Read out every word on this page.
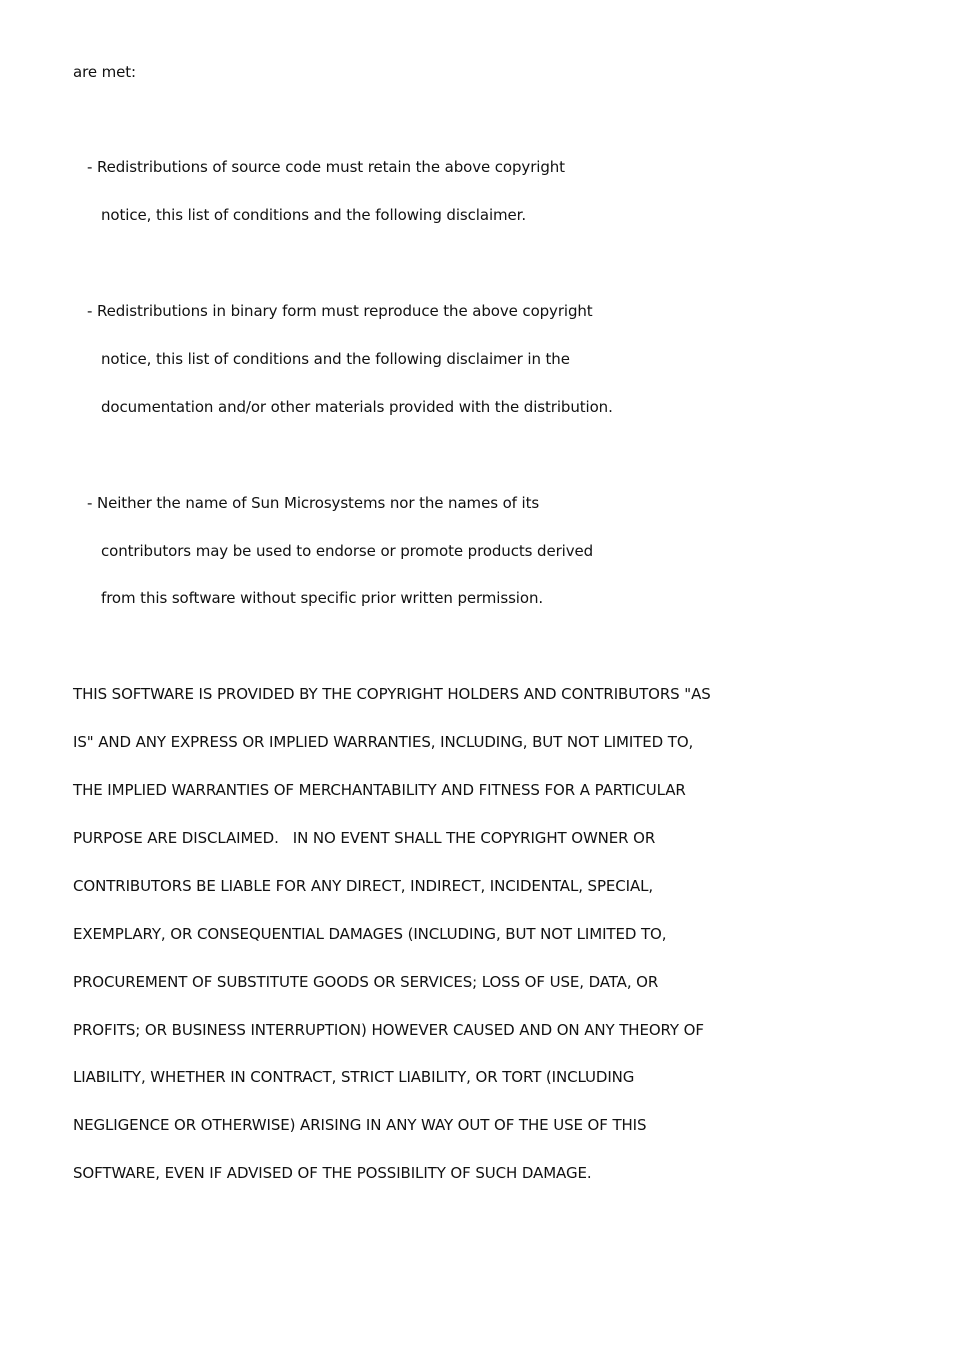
are met:
- Redistributions of source code must retain the above copyright
notice, this list of conditions and the following disclaimer.
- Redistributions in binary form must reproduce the above copyright
notice, this list of conditions and the following disclaimer in the
documentation and/or other materials provided with the distribution.
- Neither the name of Sun Microsystems nor the names of its
contributors may be used to endorse or promote products derived
from this software without specific prior written permission.
THIS SOFTWARE IS PROVIDED BY THE COPYRIGHT HOLDERS AND CONTRIBUTORS "AS
IS" AND ANY EXPRESS OR IMPLIED WARRANTIES, INCLUDING, BUT NOT LIMITED TO,
THE IMPLIED WARRANTIES OF MERCHANTABILITY AND FITNESS FOR A PARTICULAR
PURPOSE ARE DISCLAIMED.   IN NO EVENT SHALL THE COPYRIGHT OWNER OR
CONTRIBUTORS BE LIABLE FOR ANY DIRECT, INDIRECT, INCIDENTAL, SPECIAL,
EXEMPLARY, OR CONSEQUENTIAL DAMAGES (INCLUDING, BUT NOT LIMITED TO,
PROCUREMENT OF SUBSTITUTE GOODS OR SERVICES; LOSS OF USE, DATA, OR
PROFITS; OR BUSINESS INTERRUPTION) HOWEVER CAUSED AND ON ANY THEORY OF
LIABILITY, WHETHER IN CONTRACT, STRICT LIABILITY, OR TORT (INCLUDING
NEGLIGENCE OR OTHERWISE) ARISING IN ANY WAY OUT OF THE USE OF THIS
SOFTWARE, EVEN IF ADVISED OF THE POSSIBILITY OF SUCH DAMAGE.
